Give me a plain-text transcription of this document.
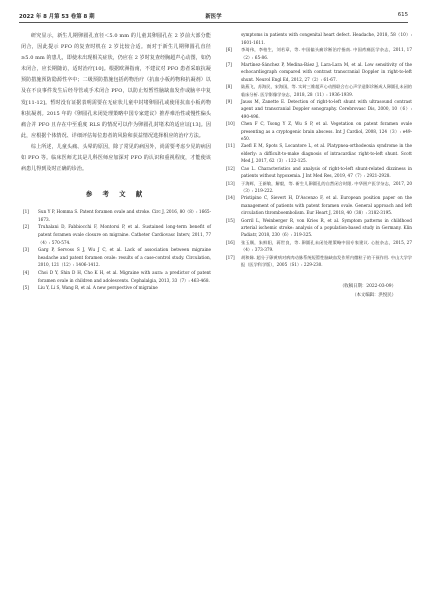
2022 年 8 月第 53 卷第 8 期	新医学	615

研究显示，新生儿期卵圆孔直径＜5.0 mm 的儿童其卵圆孔在 2 岁前大部分能闭合，因此提示 PFO 的复查时机在 2 岁比较合适。而对于新生儿期卵圆孔直径≥5.0 mm 的患儿，即使未出现相关症状，仍应在 2 岁时复查经胸超声心动图，如仍未闭合，应长期随访，适时治疗[10]。根据欧洲指南，不建议对 PFO 患者采取抗凝预防措施预防隐源性卒中；二级预防措施包括药物治疗（抗血小板药物和抗凝剂）以及在不良事件发生后经导管或手术闭合 PFO，以防止短暂性脑缺血发作或脑卒中复发[11-12]。暂时没有证据表明需要在无症状儿童中封堵卵圆孔或使用抗血小板药物和抗凝剂。2015 年的《卵圆孔未闭处理策略中国专家建议》推荐难治性或慢性偏头痛合并 PFO 且存在中至重度 RLS 的情况可以作为卵圆孔封堵术的适应证[13]。因此，应根据个体情况、详细评估每位患者的风险和获益情况选择相应的治疗方法。

综上所述，儿童头痛、头晕的原因，除了常见的病因外，尚需要考虑少见的病因如 PFO 等。临床医师尤其是儿科医师应加深对 PFO 的认识和重视程度，才能使该病患儿得到及时正确的诊治。

参 考 文 献
[1]	Sun Y P, Homma S. Patent foramen ovale and stroke. Circ J, 2016, 80（8）: 1665-1673.
[2]	Truhalani D, Fabbiocchi F, Montorsi P, et al. Sustained long-term benefit of patent foramen ovale closure on migraine. Catheter Cardiovasc Interv, 2011, 77（4）: 570-574.
[3]	Garg P, Servoss S J, Wu J C, et al. Lack of association between migraine headache and patent foramen ovale: results of a case-control study. Circulation, 2010, 121（12）: 1406-1412.
[4]	Choi D Y, Shin D H, Cho K H, et al. Migraine with aura: a predictor of patent foramen ovale in children and adolescents. Cephalalgia, 2013, 33（7）: 463-468.
[5]	Liu Y, Li S, Wang R, et al. A new perspective of migraine
symptoms in patients with congenital heart defect. Headache, 2018, 58（10）: 1601-1611.
[6]	李琦伟，李柏生，刘若章，等. 中国偏头痛诊断治疗指南. 中国疼痛医学杂志，2011, 17（2）: 65-86.
[7]	Martínez-Sánchez P, Medina-Báez J, Lara-Lara M, et al. Low sensitivity of the echocardiograph compared with contrast transcranial Doppler in right-to-left shunt. Neurol Engl Ed, 2012, 27（2）: 61-67.
[8]	陆燕飞，苏海民，宋海国，等. 实时三维超声心动图联合右心声学造影诊断成人卵圆孔未闭的临床分析. 医学影像学杂志，2018, 28（11）: 1936-1939.
[9]	Jauss M, Zanette E. Detection of right-to-left shunt with ultrasound contrast agent and transcranial Doppler sonography. Cerebrovasc Dis, 2000, 10（6）: 490-496.
[10]	Chen F C, Tsong Y Z, Wu S P, et al. Vegetation on patent foramen ovale presenting as a cryptogenic brain abscess. Int J Cardiol, 2008, 124（3）: e49-e50.
[11]	Zaefl E M, Spots S, Locantore L, et al. Platypnea-orthodeoxia syndrome in the elderly: a difficult-to-make diagnosis of intracardiac right-to-left shunt. Scott Med J, 2017, 62（3）: 122-125.
[12]	Cao L. Characteristics and analysis of right-to-left shunt-related dizziness in patients without hypoxemia. J Int Med Res, 2019, 47（7）: 2921-2928.
[13]	于海辉，王新敏，解毅，等. 新生儿卵圆孔的自然闭合时限. 中华围产医学杂志，2017, 20（3）: 219-222.
[14]	Pristipino C, Sievert H, D'Ascenzo F, et al. European position paper on the management of patients with patent foramen ovale. General approach and left circulation thromboembolism. Eur Heart J, 2018, 40（38）: 3182-3195.
[15]	Gorril L, Weinberger R, von Kries R, et al. Symptom patterns in childhood arterial ischemic stroke: analysis of a population-based study in Germany. Klin Padiatr, 2018, 230（6）: 319-325.
[16]	张玉顺，朱鲜阳，蒋世良，等. 卵圆孔未闭处理策略中国专家建议. 心脏杂志，2015, 27（4）: 373-379.
[17]	胡和娣. 超分子卵黄病对病肉动脉系统短暂性脑缺血发作所内微粒子的干预作用. 中山大学学报（医学科学版），2005（S1）: 229-230.
（收稿日期：2022-03-09）
（本文编辑：洪悦民）
